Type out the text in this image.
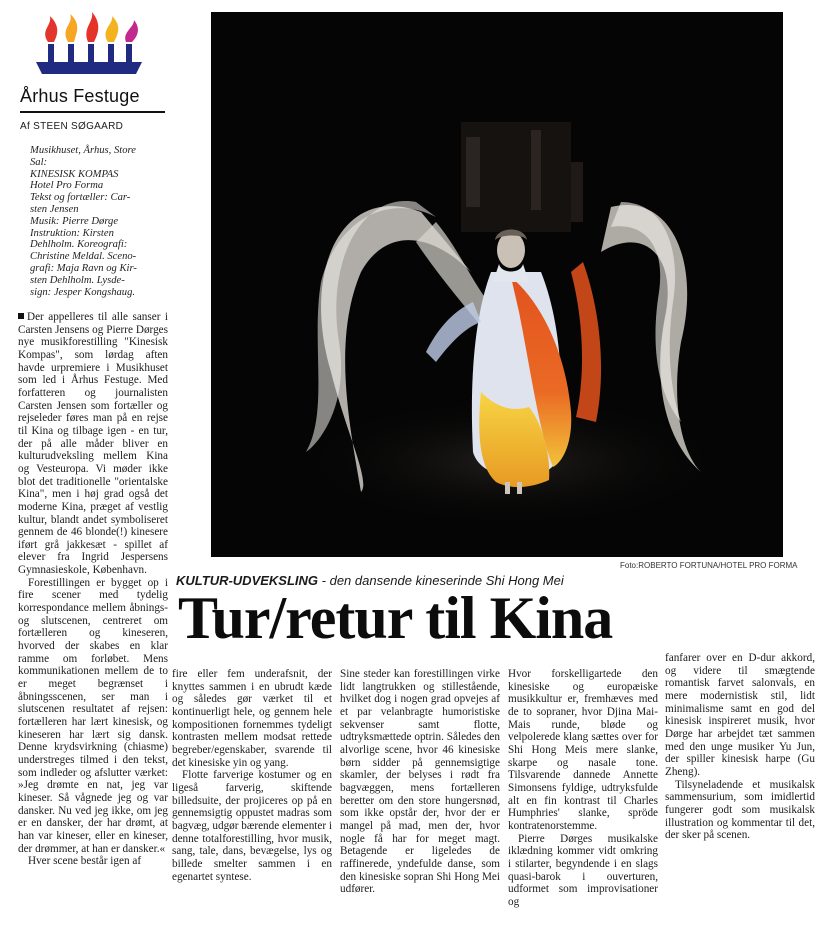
Århus Festuge
Af STEEN SØGAARD
Musikhuset, Århus, Store
Sal:
KINESISK KOMPAS
Hotel Pro Forma
Tekst og fortæller: Car-
sten Jensen
Musik: Pierre Dørge
Instruktion: Kirsten
Dehlholm. Koreografi:
Christine Meldal. Sceno-
grafi: Maja Ravn og Kir-
sten Dehlholm. Lysde-
sign: Jesper Kongshaug.
Foto:ROBERTO FORTUNA/HOTEL PRO FORMA
KULTUR-UDVEKSLING - den dansende kineserinde Shi Hong Mei
Tur/retur til Kina

Der appelleres til alle sanser i Carsten Jensens og Pierre Dørges nye musikforestilling "Kinesisk Kompas", som lørdag aften havde urpremiere i Musikhuset som led i Århus Festuge. Med forfatteren og journalisten Carsten Jensen som fortæller og rejseleder føres man på en rejse til Kina og tilbage igen - en tur, der på alle måder bliver en kulturudveksling mellem Kina og Vesteuropa. Vi møder ikke blot det traditionelle "orientalske Kina", men i høj grad også det moderne Kina, præget af vestlig kultur, blandt andet symboliseret gennem de 46 blonde(!) kinesere iført grå jakkesæt - spillet af elever fra Ingrid Jespersens Gymnasieskole, København.

Forestillingen er bygget op i fire scener med tydelig korrespondance mellem åbnings- og slutscenen, centreret om fortælleren og kineseren, hvorved der skabes en klar ramme om forløbet. Mens kommunikationen mellem de to er meget begrænset i åbningsscenen, ser man i slutscenen resultatet af rejsen: fortælleren har lært kinesisk, og kineseren har lært sig dansk. Denne krydsvirkning (chiasme) understreges tilmed i den tekst, som indleder og afslutter værket: »Jeg drømte en nat, jeg var kineser. Så vågnede jeg og var dansker. Nu ved jeg ikke, om jeg er en dansker, der har drømt, at han var kineser, eller en kineser, der drømmer, at han er dansker.«

Hver scene består igen af

fire eller fem underafsnit, der knyttes sammen i en ubrudt kæde og således gør værket til et kontinuerligt hele, og gennem hele kompositionen fornemmes tydeligt kontrasten mellem modsat rettede begreber/egenskaber, svarende til det kinesiske yin og yang.

Flotte farverige kostumer og en ligeså farverig, skiftende billedsuite, der projiceres op på en gennemsigtig oppustet madras som bagvæg, udgør bærende elementer i denne totalforestilling, hvor musik, sang, tale, dans, bevægelse, lys og billede smelter sammen i en egenartet syntese.

Sine steder kan forestillingen virke lidt langtrukken og stillestående, hvilket dog i nogen grad opvejes af et par velanbragte humoristiske sekvenser samt flotte, udtryksmættede optrin. Således den alvorlige scene, hvor 46 kinesiske børn sidder på gennemsigtige skamler, der belyses i rødt fra bagvæggen, mens fortælleren beretter om den store hungersnød, som ikke opstår der, hvor der er mangel på mad, men der, hvor nogle få har for meget magt. Betagende er ligeledes de raffinerede, yndefulde danse, som den kinesiske sopran Shi Hong Mei udfører.

Hvor forskelligartede den kinesiske og europæiske musikkultur er, fremhæves med de to sopraner, hvor Djina Mai-Mais runde, bløde og velpolerede klang sættes over for Shi Hong Meis mere slanke, skarpe og nasale tone. Tilsvarende dannede Annette Simonsens fyldige, udtryksfulde alt en fin kontrast til Charles Humphries' slanke, spröde kontratenorstemme.

Pierre Dørges musikalske iklædning kommer vidt omkring i stilarter, begyndende i en slags quasi-barok i ouverturen, udformet som improvisationer og

fanfarer over en D-dur akkord, og videre til smægtende romantisk farvet salonvals, en mere modernistisk stil, lidt minimalisme samt en god del kinesisk inspireret musik, hvor Dørge har arbejdet tæt sammen med den unge musiker Yu Jun, der spiller kinesisk harpe (Gu Zheng).

Tilsyneladende et musikalsk sammensurium, som imidlertid fungerer godt som musikalsk illustration og kommentar til det, der sker på scenen.
